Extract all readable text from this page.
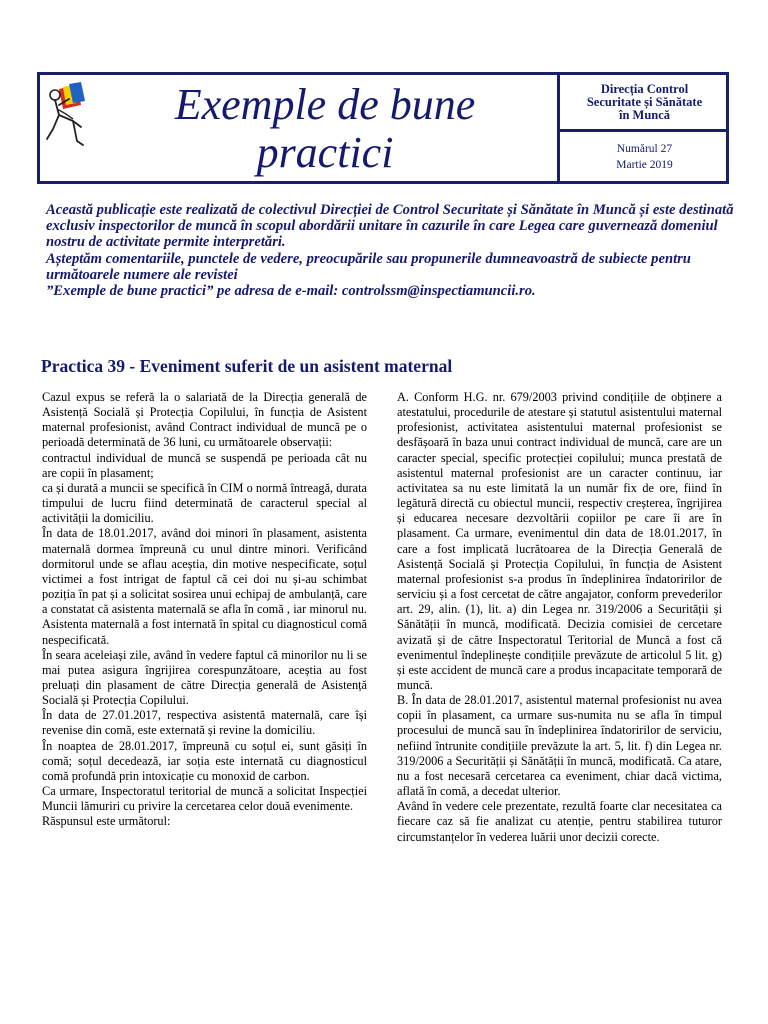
Exemple de bune
practici
Direcția Control
Securitate și Sănătate
în Muncă
Numărul 27
Martie 2019

Această publicație este realizată de colectivul Direcției de Control Securitate și Sănătate în Muncă și este destinată exclusiv inspectorilor de muncă în scopul abordării unitare în cazurile în care Legea care guvernează domeniul nostru de activitate permite interpretări.

Așteptăm comentariile, punctele de vedere, preocupările sau propunerile dumneavoastră de subiecte pentru următoarele numere ale revistei

”Exemple de bune practici” pe adresa de e-mail: controlssm@inspectiamuncii.ro.

Practica 39 - Eveniment suferit de un asistent maternal

Cazul expus se referă la o salariată de la Direcția generală de Asistență Socială și Protecția Copilului, în funcția de Asistent maternal profesionist, având Contract individual de muncă pe o perioadă determinată de 36 luni, cu următoarele observații:

contractul individual de muncă se suspendă pe perioada cât nu are copii în plasament;

ca și durată a muncii se specifică în CIM o normă întreagă, durata timpului de lucru fiind determinată de caracterul special al activității la domiciliu.

În data de 18.01.2017, având doi minori în plasament, asistenta maternală dormea împreună cu unul dintre minori. Verificând dormitorul unde se aflau aceștia, din motive nespecificate, soțul victimei a fost intrigat de faptul că cei doi nu și-au schimbat poziția în pat și a solicitat sosirea unui echipaj de ambulanță, care a constatat că asistenta maternală se afla în comă , iar minorul nu. Asistenta maternală a fost internată în spital cu diagnosticul comă nespecificată.

În seara aceleiași zile, având în vedere faptul că minorilor nu li se mai putea asigura îngrijirea corespunzătoare, aceștia au fost preluați din plasament de către Direcția generală de Asistență Socială și Protecția Copilului.

În data de 27.01.2017, respectiva asistentă maternală, care își revenise din comă, este externată și revine la domiciliu.

În noaptea de 28.01.2017, împreună cu soțul ei, sunt găsiți în comă; soțul decedează, iar soția este internată cu diagnosticul comă profundă prin intoxicație cu monoxid de carbon.

Ca urmare, Inspectoratul teritorial de muncă a solicitat Inspecției Muncii lămuriri cu privire la cercetarea celor două evenimente.

Răspunsul este următorul:

A. Conform H.G. nr. 679/2003 privind condițiile de obținere a atestatului, procedurile de atestare și statutul asistentului maternal profesionist, activitatea asistentului maternal profesionist se desfășoară în baza unui contract individual de muncă, care are un caracter special, specific protecției copilului; munca prestată de asistentul maternal profesionist are un caracter continuu, iar activitatea sa nu este limitată la un număr fix de ore, fiind în legătură directă cu obiectul muncii, respectiv creșterea, îngrijirea și educarea necesare dezvoltării copiilor pe care îi are în plasament. Ca urmare, evenimentul din data de 18.01.2017, în care a fost implicată lucrătoarea de la Direcția Generală de Asistență Socială și Protecția Copilului, în funcția de Asistent maternal profesionist s-a produs în îndeplinirea îndatoririlor de serviciu și a fost cercetat de către angajator, conform prevederilor art. 29, alin. (1), lit. a) din Legea nr. 319/2006 a Securității și Sănătății în muncă, modificată. Decizia comisiei de cercetare avizată și de către Inspectoratul Teritorial de Muncă a fost că evenimentul îndeplinește condițiile prevăzute de articolul 5 lit. g) și este accident de muncă care a produs incapacitate temporară de muncă.

B. În data de 28.01.2017, asistentul maternal profesionist nu avea copii în plasament, ca urmare sus-numita nu se afla în timpul procesului de muncă sau în îndeplinirea îndatoririlor de serviciu, nefiind întrunite condițiile prevăzute la art. 5, lit. f) din Legea nr. 319/2006 a Securității și Sănătății în muncă, modificată. Ca atare, nu a fost necesară cercetarea ca eveniment, chiar dacă victima, aflată în comă, a decedat ulterior.

Având în vedere cele prezentate, rezultă foarte clar necesitatea ca fiecare caz să fie analizat cu atenție, pentru stabilirea tuturor circumstanțelor în vederea luării unor decizii corecte.
